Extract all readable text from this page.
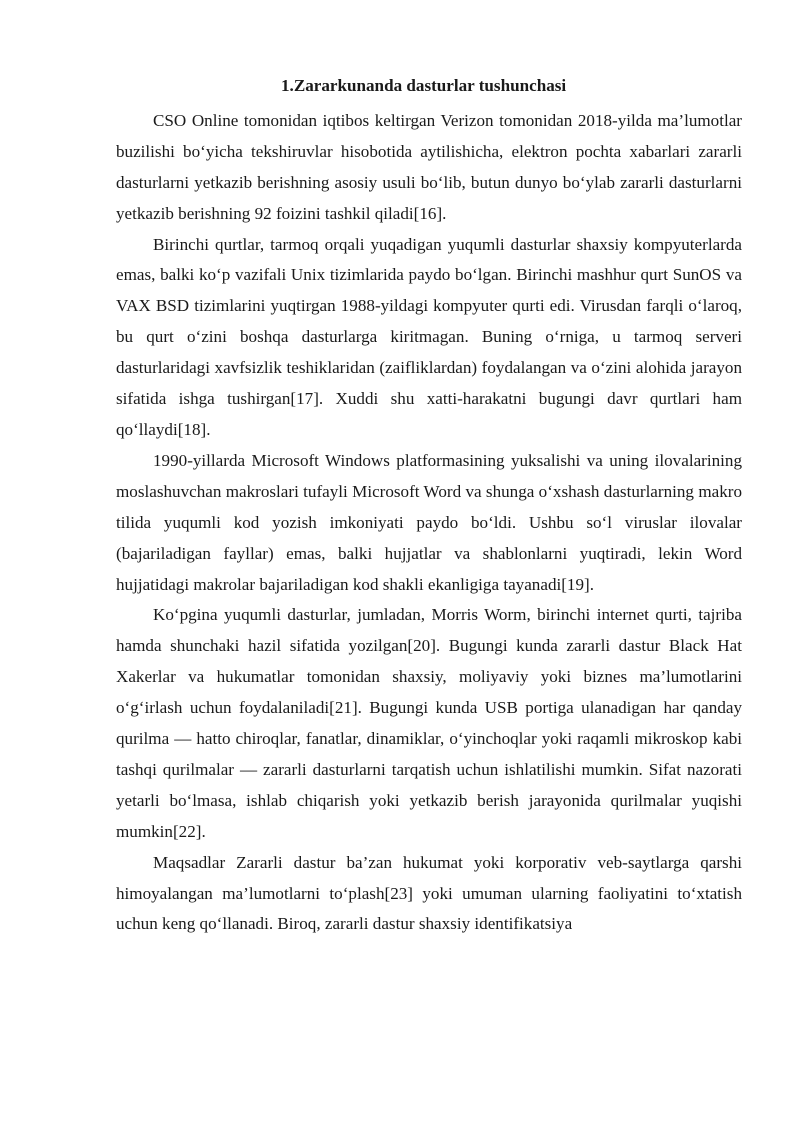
1.Zararkunanda dasturlar tushunchasi

CSO Online tomonidan iqtibos keltirgan Verizon tomonidan 2018-yilda ma’lumotlar buzilishi bo‘yicha tekshiruvlar hisobotida aytilishicha, elektron pochta xabarlari zararli dasturlarni yetkazib berishning asosiy usuli bo‘lib, butun dunyo bo‘ylab zararli dasturlarni yetkazib berishning 92 foizini tashkil qiladi[16].

Birinchi qurtlar, tarmoq orqali yuqadigan yuqumli dasturlar shaxsiy kompyuterlarda emas, balki ko‘p vazifali Unix tizimlarida paydo bo‘lgan. Birinchi mashhur qurt SunOS va VAX BSD tizimlarini yuqtirgan 1988-yildagi kompyuter qurti edi. Virusdan farqli o‘laroq, bu qurt o‘zini boshqa dasturlarga kiritmagan. Buning o‘rniga, u tarmoq serveri dasturlaridagi xavfsizlik teshiklaridan (zaifliklardan) foydalangan va o‘zini alohida jarayon sifatida ishga tushirgan[17]. Xuddi shu xatti-harakatni bugungi davr qurtlari ham qo‘llaydi[18].

1990-yillarda Microsoft Windows platformasining yuksalishi va uning ilovalarining moslashuvchan makroslari tufayli Microsoft Word va shunga o‘xshash dasturlarning makro tilida yuqumli kod yozish imkoniyati paydo bo‘ldi. Ushbu so‘l viruslar ilovalar (bajariladigan fayllar) emas, balki hujjatlar va shablonlarni yuqtiradi, lekin Word hujjatidagi makrolar bajariladigan kod shakli ekanligiga tayanadi[19].

Ko‘pgina yuqumli dasturlar, jumladan, Morris Worm, birinchi internet qurti, tajriba hamda shunchaki hazil sifatida yozilgan[20]. Bugungi kunda zararli dastur Black Hat Xakerlar va hukumatlar tomonidan shaxsiy, moliyaviy yoki biznes ma’lumotlarini o‘g‘irlash uchun foydalaniladi[21]. Bugungi kunda USB portiga ulanadigan har qanday qurilma — hatto chiroqlar, fanatlar, dinamiklar, o‘yinchoqlar yoki raqamli mikroskop kabi tashqi qurilmalar — zararli dasturlarni tarqatish uchun ishlatilishi mumkin. Sifat nazorati yetarli bo‘lmasa, ishlab chiqarish yoki yetkazib berish jarayonida qurilmalar yuqishi mumkin[22].

Maqsadlar Zararli dastur ba’zan hukumat yoki korporativ veb-saytlarga qarshi himoyalangan ma’lumotlarni to‘plash[23] yoki umuman ularning faoliyatini to‘xtatish uchun keng qo‘llanadi. Biroq, zararli dastur shaxsiy identifikatsiya
